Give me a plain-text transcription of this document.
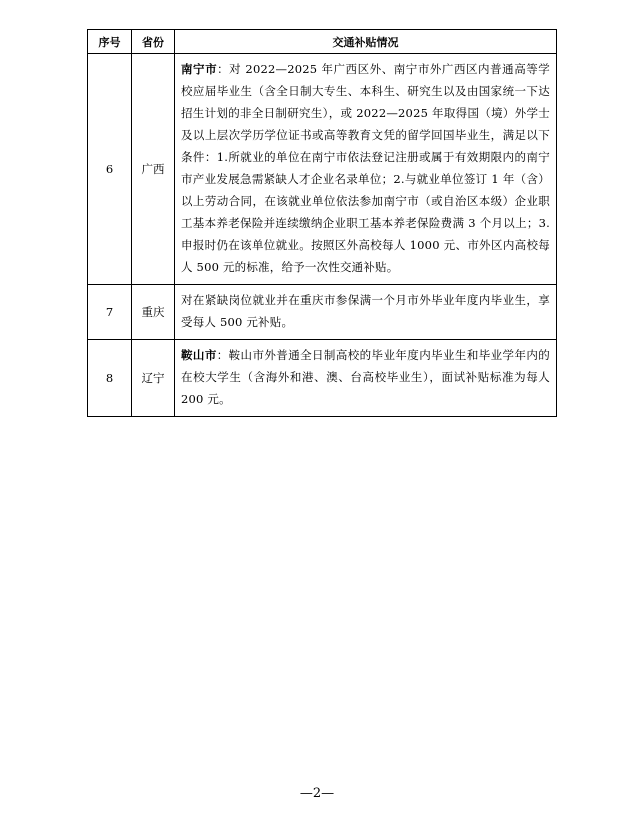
序号	省份	交通补贴情况
6	广西	南宁市：对 2022—2025 年广西区外、南宁市外广西区内普通高等学校应届毕业生（含全日制大专生、本科生、研究生以及由国家统一下达招生计划的非全日制研究生），或 2022—2025 年取得国（境）外学士及以上层次学历学位证书或高等教育文凭的留学回国毕业生，满足以下条件：1.所就业的单位在南宁市依法登记注册或属于有效期限内的南宁市产业发展急需紧缺人才企业名录单位；2.与就业单位签订 1 年（含）以上劳动合同，在该就业单位依法参加南宁市（或自治区本级）企业职工基本养老保险并连续缴纳企业职工基本养老保险费满 3 个月以上；3.申报时仍在该单位就业。按照区外高校每人 1000 元、市外区内高校每人 500 元的标准，给予一次性交通补贴。
7	重庆	对在紧缺岗位就业并在重庆市参保满一个月市外毕业年度内毕业生，享受每人 500 元补贴。
8	辽宁	鞍山市：鞍山市外普通全日制高校的毕业年度内毕业生和毕业学年内的在校大学生（含海外和港、澳、台高校毕业生），面试补贴标准为每人 200 元。
—2—
